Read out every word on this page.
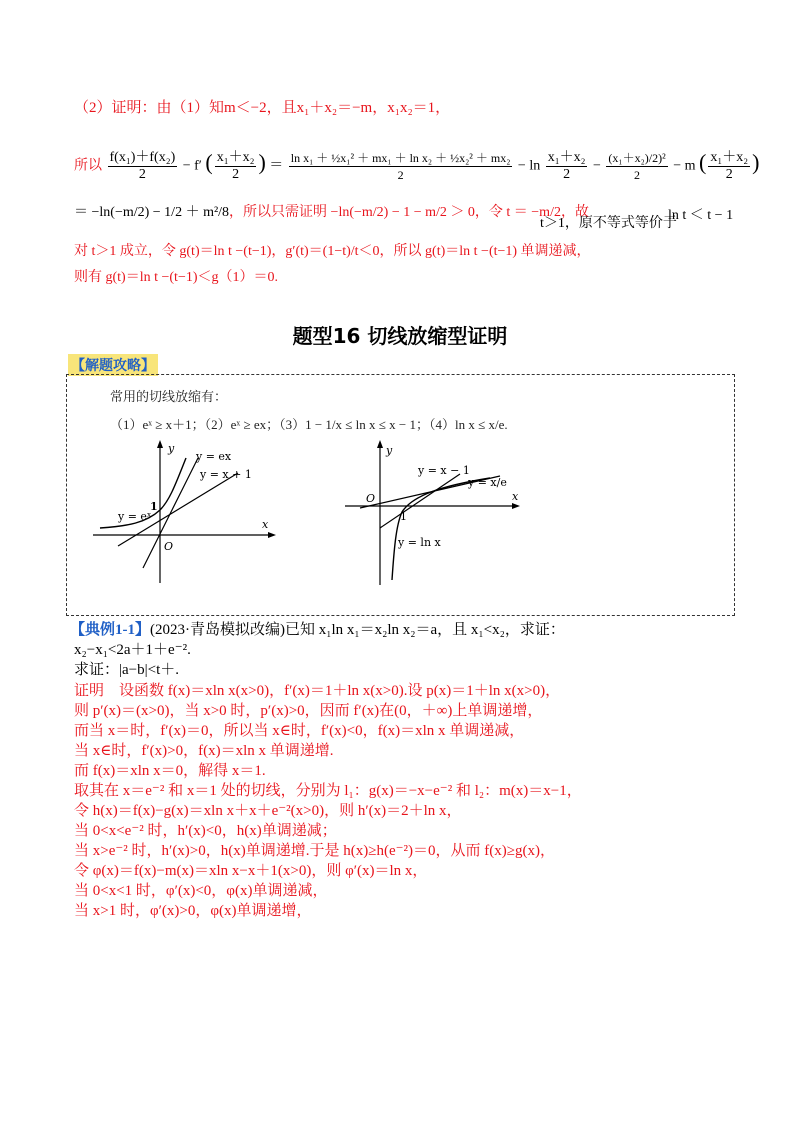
（2）证明：由（1）知m＜−2，且x₁＋x₂＝−m，x₁x₂＝1，
所以 $\frac{\text{f(x₁)＋f(x₂)}}{2} - f'$ ( $\frac{\text{x₁＋x₂}}{2}$ ) ＝ $\frac{\text{ln x₁ ＋ ½x₁² ＋ mx₁ ＋ ln x₂ ＋ ½x₂² ＋ mx₂}}{2} - \ln \frac{\text{x₁＋x₂}}{2} - \frac{\text{(x₁＋x₂)/2)²}}{2} - m$ ( $\frac{\text{x₁＋x₂}}{2}$ )
＝ −ln(−m/2) − 1/2 ＋ m²/8，所以只需证明 −ln(−m/2) − 1 − m/2 ＞ 0，令 t ＝ −m/2，故
t＞1，原不等式等价于
ln t ＜ t − 1
对 t＞1 成立，令 g(t)＝ln t −(t−1)，g′(t)＝(1−t)/t＜0，所以 g(t)＝ln t −(t−1) 单调递减，
则有 g(t)＝ln t −(t−1)＜g（1）＝0.
题型16 切线放缩型证明
【解题攻略】
常用的切线放缩有：
（1）eˣ ≥ x＋1；（2）eˣ ≥ ex；（3）1 − 1/x ≤ ln x ≤ x − 1；（4）ln x ≤ x/e.
y = ex
y = x + 1
y = eˣ
1
O
y
x
y = x − 1
y = x/e
y = ln x
1
O
y
x
【典例1-1】(2023·青岛模拟改编)已知 x₁ln x₁＝x₂ln x₂＝a，且 x₁<x₂，求证：
x₂−x₁<2a＋1＋e⁻².
求证：|a−b|<t＋.
证明　设函数 f(x)＝xln x(x>0)，f′(x)＝1＋ln x(x>0).设 p(x)＝1＋ln x(x>0)，
则 p′(x)＝(x>0)，当 x>0 时，p′(x)>0，因而 f′(x)在(0，＋∞)上单调递增，
而当 x＝时，f′(x)＝0，所以当 x∈时，f′(x)<0，f(x)＝xln x 单调递减，
当 x∈时，f′(x)>0，f(x)＝xln x 单调递增.
而 f(x)＝xln x＝0，解得 x＝1.
取其在 x＝e⁻² 和 x＝1 处的切线，分别为 l₁：g(x)＝−x−e⁻² 和 l₂：m(x)＝x−1，
令 h(x)＝f(x)−g(x)＝xln x＋x＋e⁻²(x>0)，则 h′(x)＝2＋ln x，
当 0<x<e⁻² 时，h′(x)<0，h(x)单调递减；
当 x>e⁻² 时，h′(x)>0，h(x)单调递增.于是 h(x)≥h(e⁻²)＝0，从而 f(x)≥g(x)，
令 φ(x)＝f(x)−m(x)＝xln x−x＋1(x>0)，则 φ′(x)＝ln x，
当 0<x<1 时，φ′(x)<0，φ(x)单调递减，
当 x>1 时，φ′(x)>0，φ(x)单调递增，
